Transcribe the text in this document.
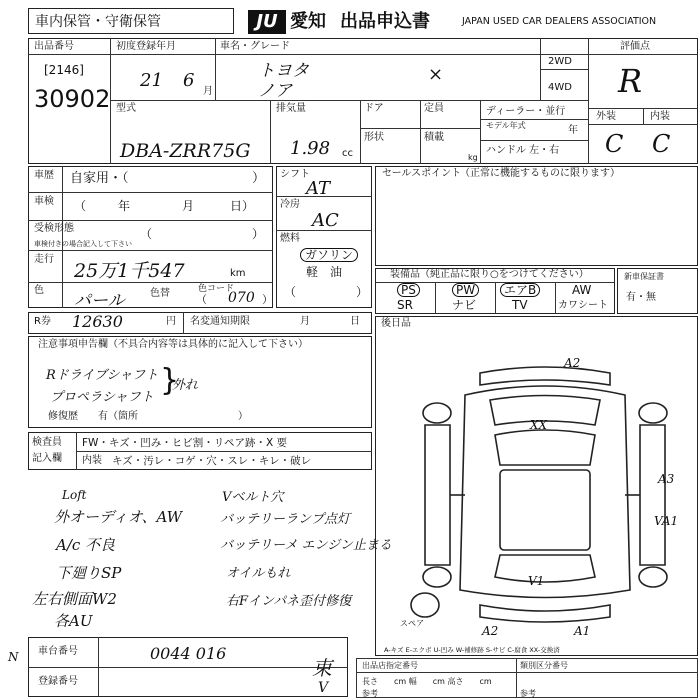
車内保管・守衛保管	JU 愛知 出品申込書	JAPAN USED CAR DEALERS ASSOCIATION
出品番号
[2146]
30902
初度登録年月
21 6
月
車名・グレード
トヨタ
ノア
×
2WD
4WD
評価点
R
外装	内装
C C
型式
DBA-ZRR75G
排気量
1.98 cc
ドア	定員
形状	積載
kg
ディーラー・並行
モデル年式	年
ハンドル 左・右
車歴 自家用・（	）
車検 （	年	月	日）
受検形態
車検付きの場合記入して下さい
（	）
走行
25万1千547	km
色
パール	色替	色コード
070
（	）
シフト
AT
冷房
AC
燃料
ガソリン
軽　油
（	）
セールスポイント
（正常に機能するものに限ります）
装備品（純正品に限り○をつけてください）
PS	PW	エアB	AW
SR	ナビ	TV	カワシート
新車保証書
有・無
R券 12630	円 名変通知期限	月	日 後日品
注意事項申告欄（不具合内容等は具体的に記入して下さい）
Rドライブシャフト
プロペラシャフト
外れ
}
修復歴　　有（箇所　　　　　　　　　　）
検査員
記入欄
FW・キズ・凹み・ヒビ割・リペア跡・X 要
内装 キズ・汚レ・コゲ・穴・スレ・キレ・破レ
Loft
外オーディオ、AW
A/c 不良
下廻りSP
左右側面W2
各AU
Vベルト穴
バッテリーランプ点灯
バッテリーメ エンジン止まる
オイルもれ
右Fインパネ歪付修復
A2
XX
A3
VA1
V1
A2	A1
スペア
A-キズ E-エクボ U-凹み W-補修跡 S-サビ C-腐食 XX-交換済
車台番号	0044 016
束
登録番号
出品店指定番号	類別区分番号
長さ　　cm 幅　　cm 高さ　　cm
参考	参考
N
V
